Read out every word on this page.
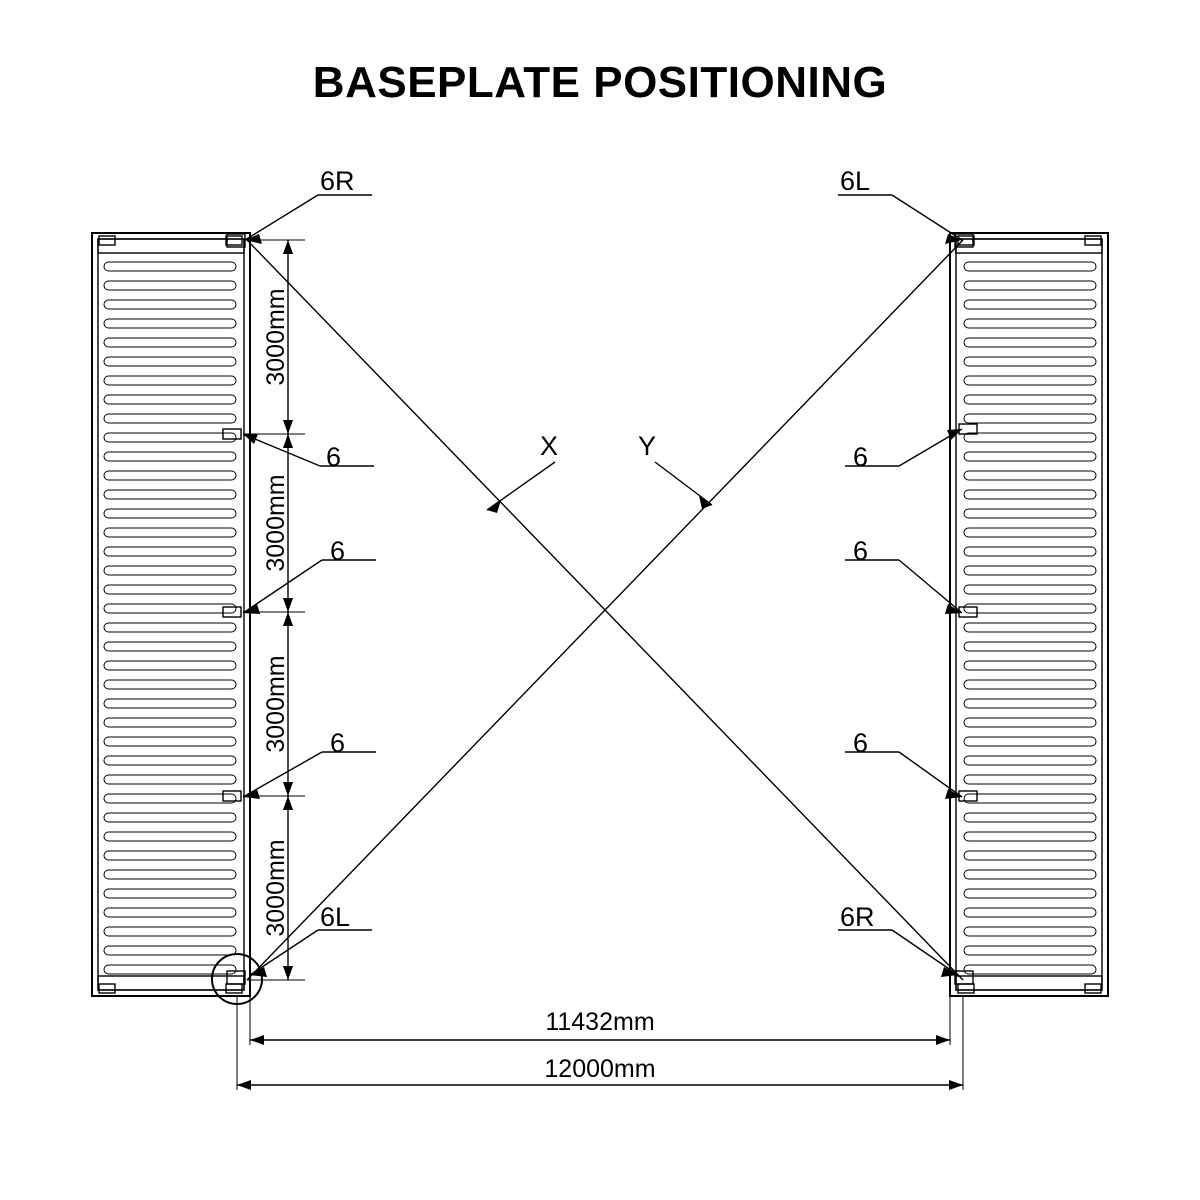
BASEPLATE POSITIONING
X	Y
3000mm
3000mm
3000mm
3000mm
11432mm
12000mm
6R
6
6
6
6L
6L
6
6
6
6R
